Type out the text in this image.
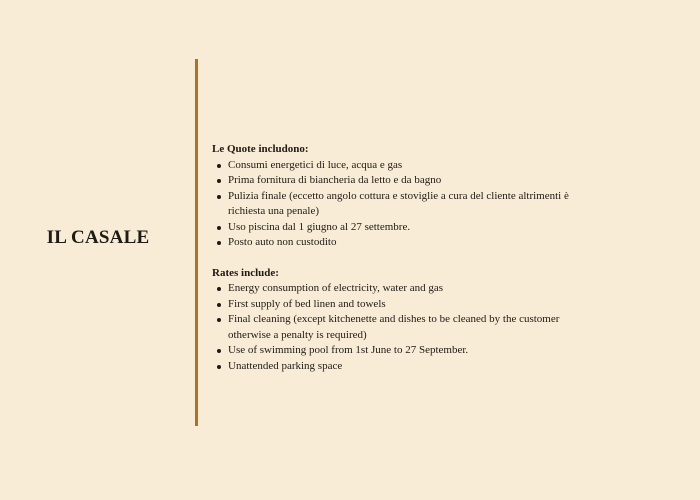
IL CASALE

Le Quote includono:

Consumi energetici di luce, acqua e gas
Prima fornitura di biancheria da letto e da bagno
Pulizia finale (eccetto angolo cottura e stoviglie a cura del cliente altrimenti è richiesta una penale)
Uso piscina dal 1 giugno al 27 settembre.
Posto auto non custodito

Rates include:

Energy consumption of electricity, water and gas
First supply of bed linen and towels
Final cleaning (except kitchenette and dishes to be cleaned by the customer otherwise a penalty is required)
Use of swimming pool from 1st June to 27 September.
Unattended parking space
